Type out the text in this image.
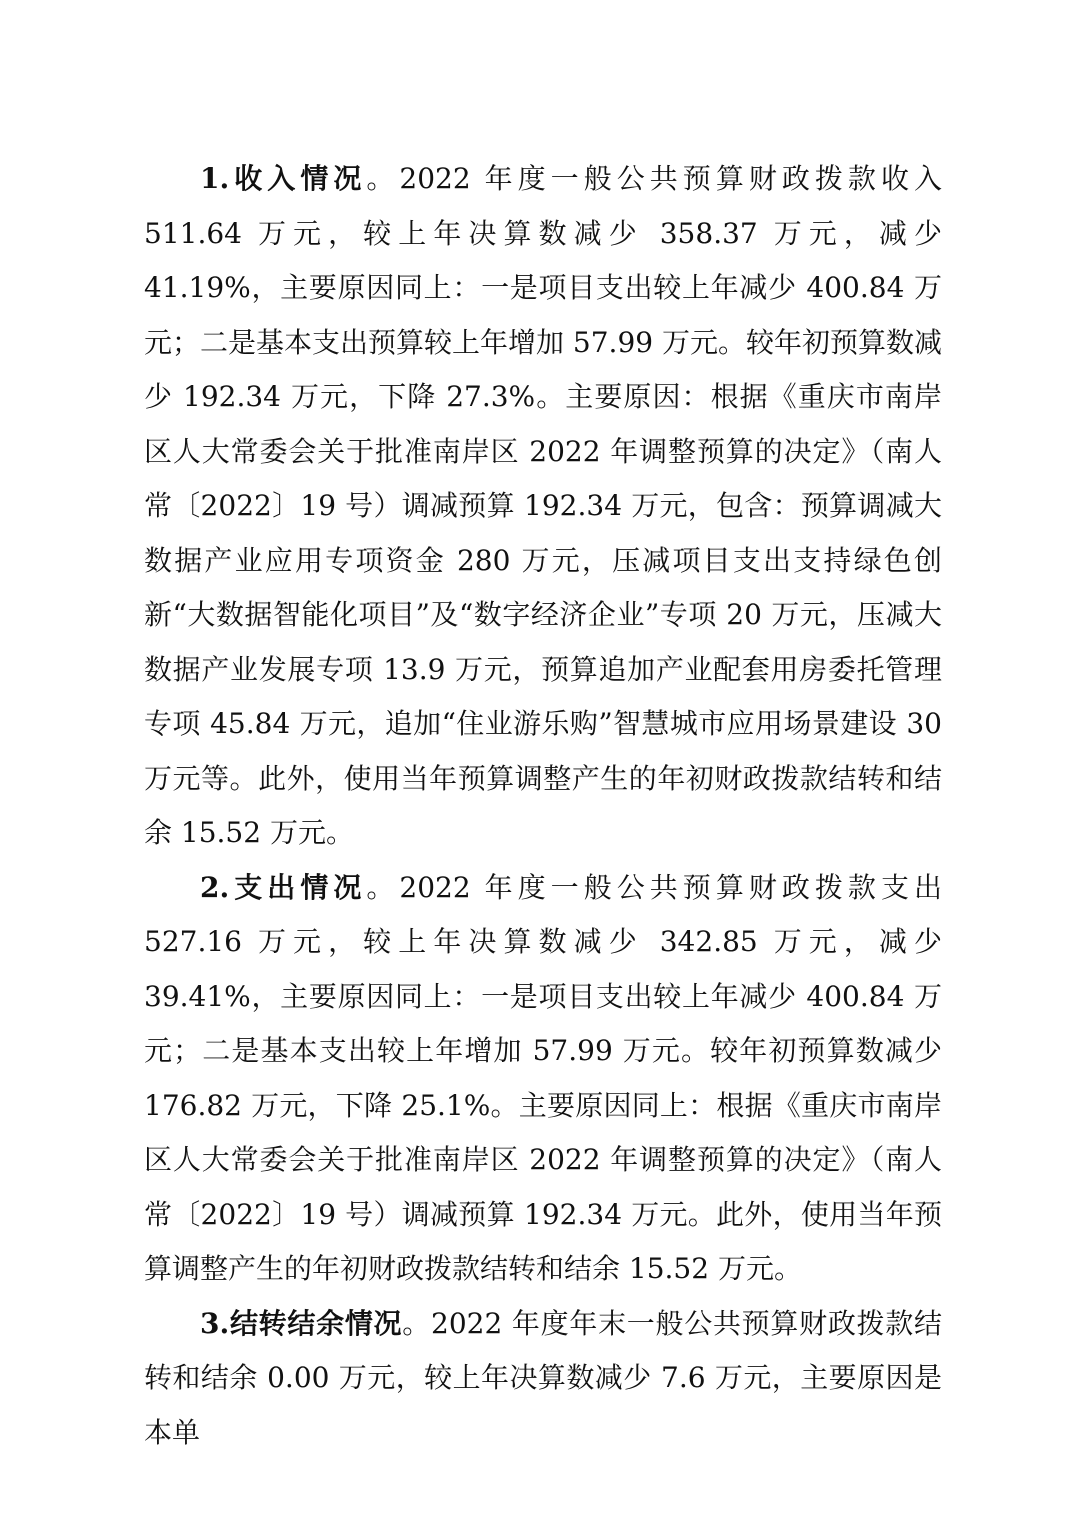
1.收入情况。2022 年度一般公共预算财政拨款收入 511.64 万元，较上年决算数减少 358.37 万元，减少 41.19%，主要原因同上：一是项目支出较上年减少 400.84 万元；二是基本支出预算较上年增加 57.99 万元。较年初预算数减少 192.34 万元，下降 27.3%。主要原因：根据《重庆市南岸区人大常委会关于批准南岸区 2022 年调整预算的决定》（南人常〔2022〕19 号）调减预算 192.34 万元，包含：预算调减大数据产业应用专项资金 280 万元，压减项目支出支持绿色创新“大数据智能化项目”及“数字经济企业”专项 20 万元，压减大数据产业发展专项 13.9 万元，预算追加产业配套用房委托管理专项 45.84 万元，追加“住业游乐购”智慧城市应用场景建设 30 万元等。此外，使用当年预算调整产生的年初财政拨款结转和结余 15.52 万元。

2.支出情况。2022 年度一般公共预算财政拨款支出 527.16 万元，较上年决算数减少 342.85 万元，减少 39.41%，主要原因同上：一是项目支出较上年减少 400.84 万元；二是基本支出较上年增加 57.99 万元。较年初预算数减少 176.82 万元，下降 25.1%。主要原因同上：根据《重庆市南岸区人大常委会关于批准南岸区 2022 年调整预算的决定》（南人常〔2022〕19 号）调减预算 192.34 万元。此外，使用当年预算调整产生的年初财政拨款结转和结余 15.52 万元。

3.结转结余情况。2022 年度年末一般公共预算财政拨款结转和结余 0.00 万元，较上年决算数减少 7.6 万元，主要原因是本单
